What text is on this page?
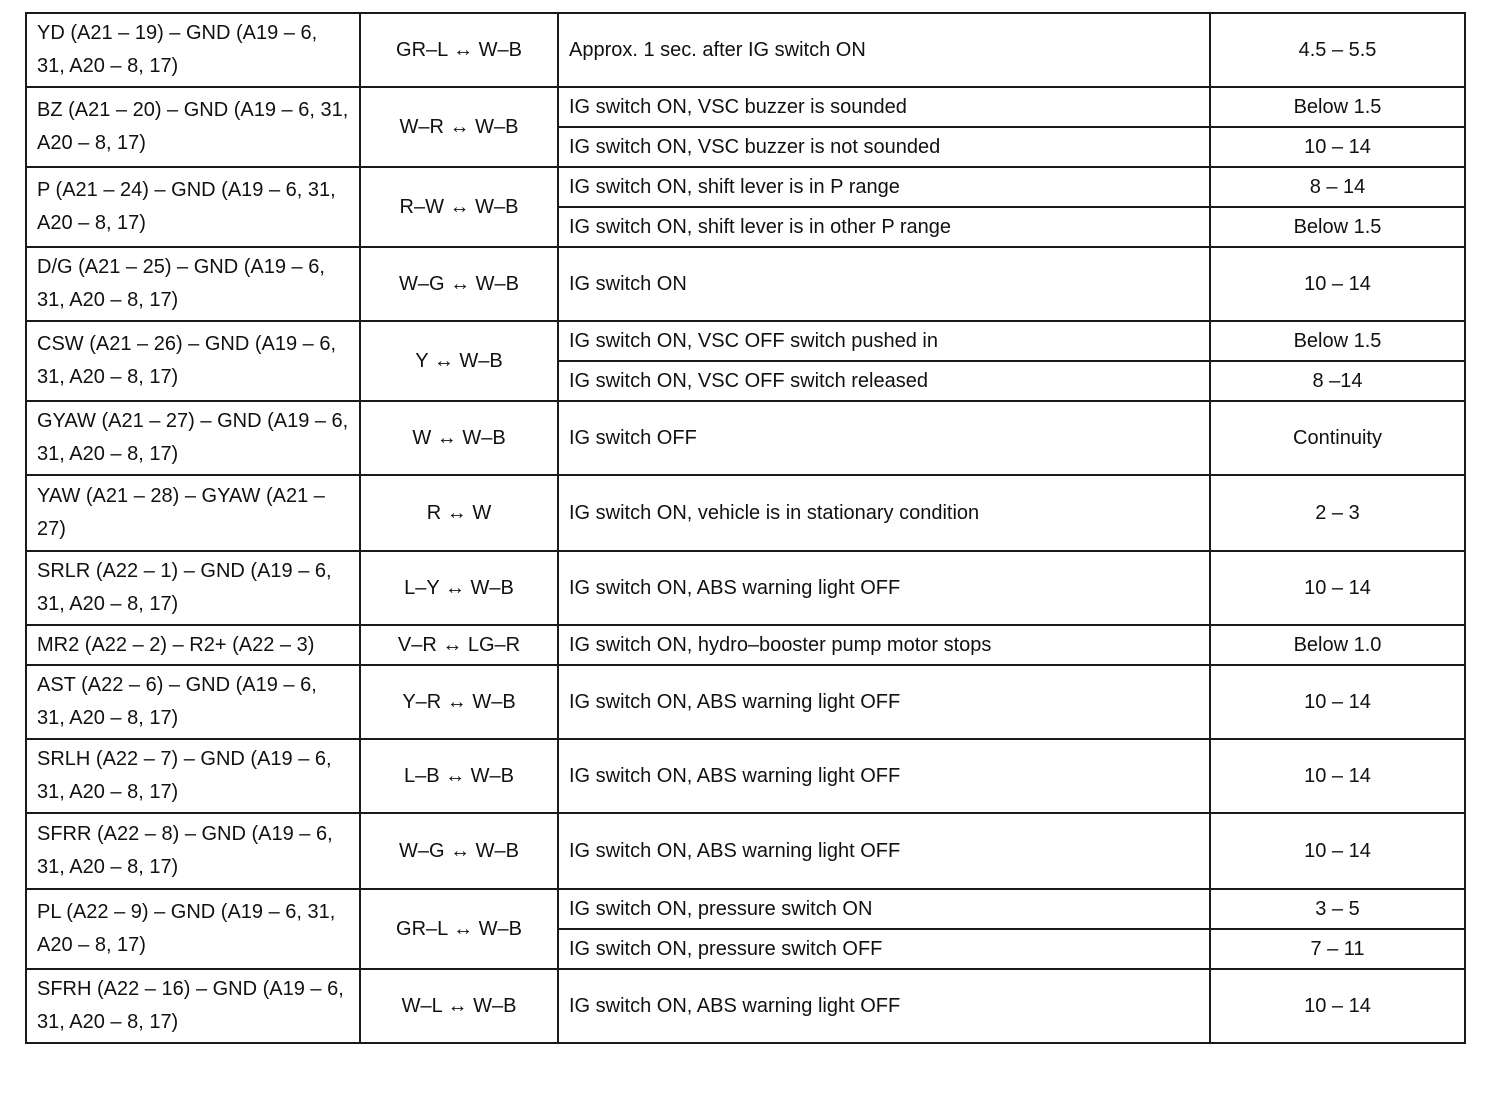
YD (A21 – 19) – GND (A19 – 6, 31, A20 – 8, 17)	GR–L ↔ W–B	Approx. 1 sec. after IG switch ON	4.5 – 5.5
BZ (A21 – 20) – GND (A19 – 6, 31, A20 – 8, 17)	W–R ↔ W–B	IG switch ON, VSC buzzer is sounded	Below 1.5
		IG switch ON, VSC buzzer is not sounded	10 – 14
P (A21 – 24) – GND (A19 – 6, 31, A20 – 8, 17)	R–W ↔ W–B	IG switch ON, shift lever is in P range	8 – 14
		IG switch ON, shift lever is in other P range	Below 1.5
D/G (A21 – 25) – GND (A19 – 6, 31, A20 – 8, 17)	W–G ↔ W–B	IG switch ON	10 – 14
CSW (A21 – 26) – GND (A19 – 6, 31, A20 – 8, 17)	Y ↔ W–B	IG switch ON, VSC OFF switch pushed in	Below 1.5
		IG switch ON, VSC OFF switch released	8 –14
GYAW (A21 – 27) – GND (A19 – 6, 31, A20 – 8, 17)	W ↔ W–B	IG switch OFF	Continuity
YAW (A21 – 28) – GYAW (A21 – 27)	R ↔ W	IG switch ON, vehicle is in stationary condition	2 – 3
SRLR (A22 – 1) – GND (A19 – 6, 31, A20 – 8, 17)	L–Y ↔ W–B	IG switch ON, ABS warning light OFF	10 – 14
MR2 (A22 – 2) – R2+ (A22 – 3)	V–R ↔ LG–R	IG switch ON, hydro–booster pump motor stops	Below 1.0
AST (A22 – 6) – GND (A19 – 6, 31, A20 – 8, 17)	Y–R ↔ W–B	IG switch ON, ABS warning light OFF	10 – 14
SRLH (A22 – 7) – GND (A19 – 6, 31, A20 – 8, 17)	L–B ↔ W–B	IG switch ON, ABS warning light OFF	10 – 14
SFRR (A22 – 8) – GND (A19 – 6, 31, A20 – 8, 17)	W–G ↔ W–B	IG switch ON, ABS warning light OFF	10 – 14
PL (A22 – 9) – GND (A19 – 6, 31, A20 – 8, 17)	GR–L ↔ W–B	IG switch ON, pressure switch ON	3 – 5
		IG switch ON, pressure switch OFF	7 – 11
SFRH (A22 – 16) – GND (A19 – 6, 31, A20 – 8, 17)	W–L ↔ W–B	IG switch ON, ABS warning light OFF	10 – 14
